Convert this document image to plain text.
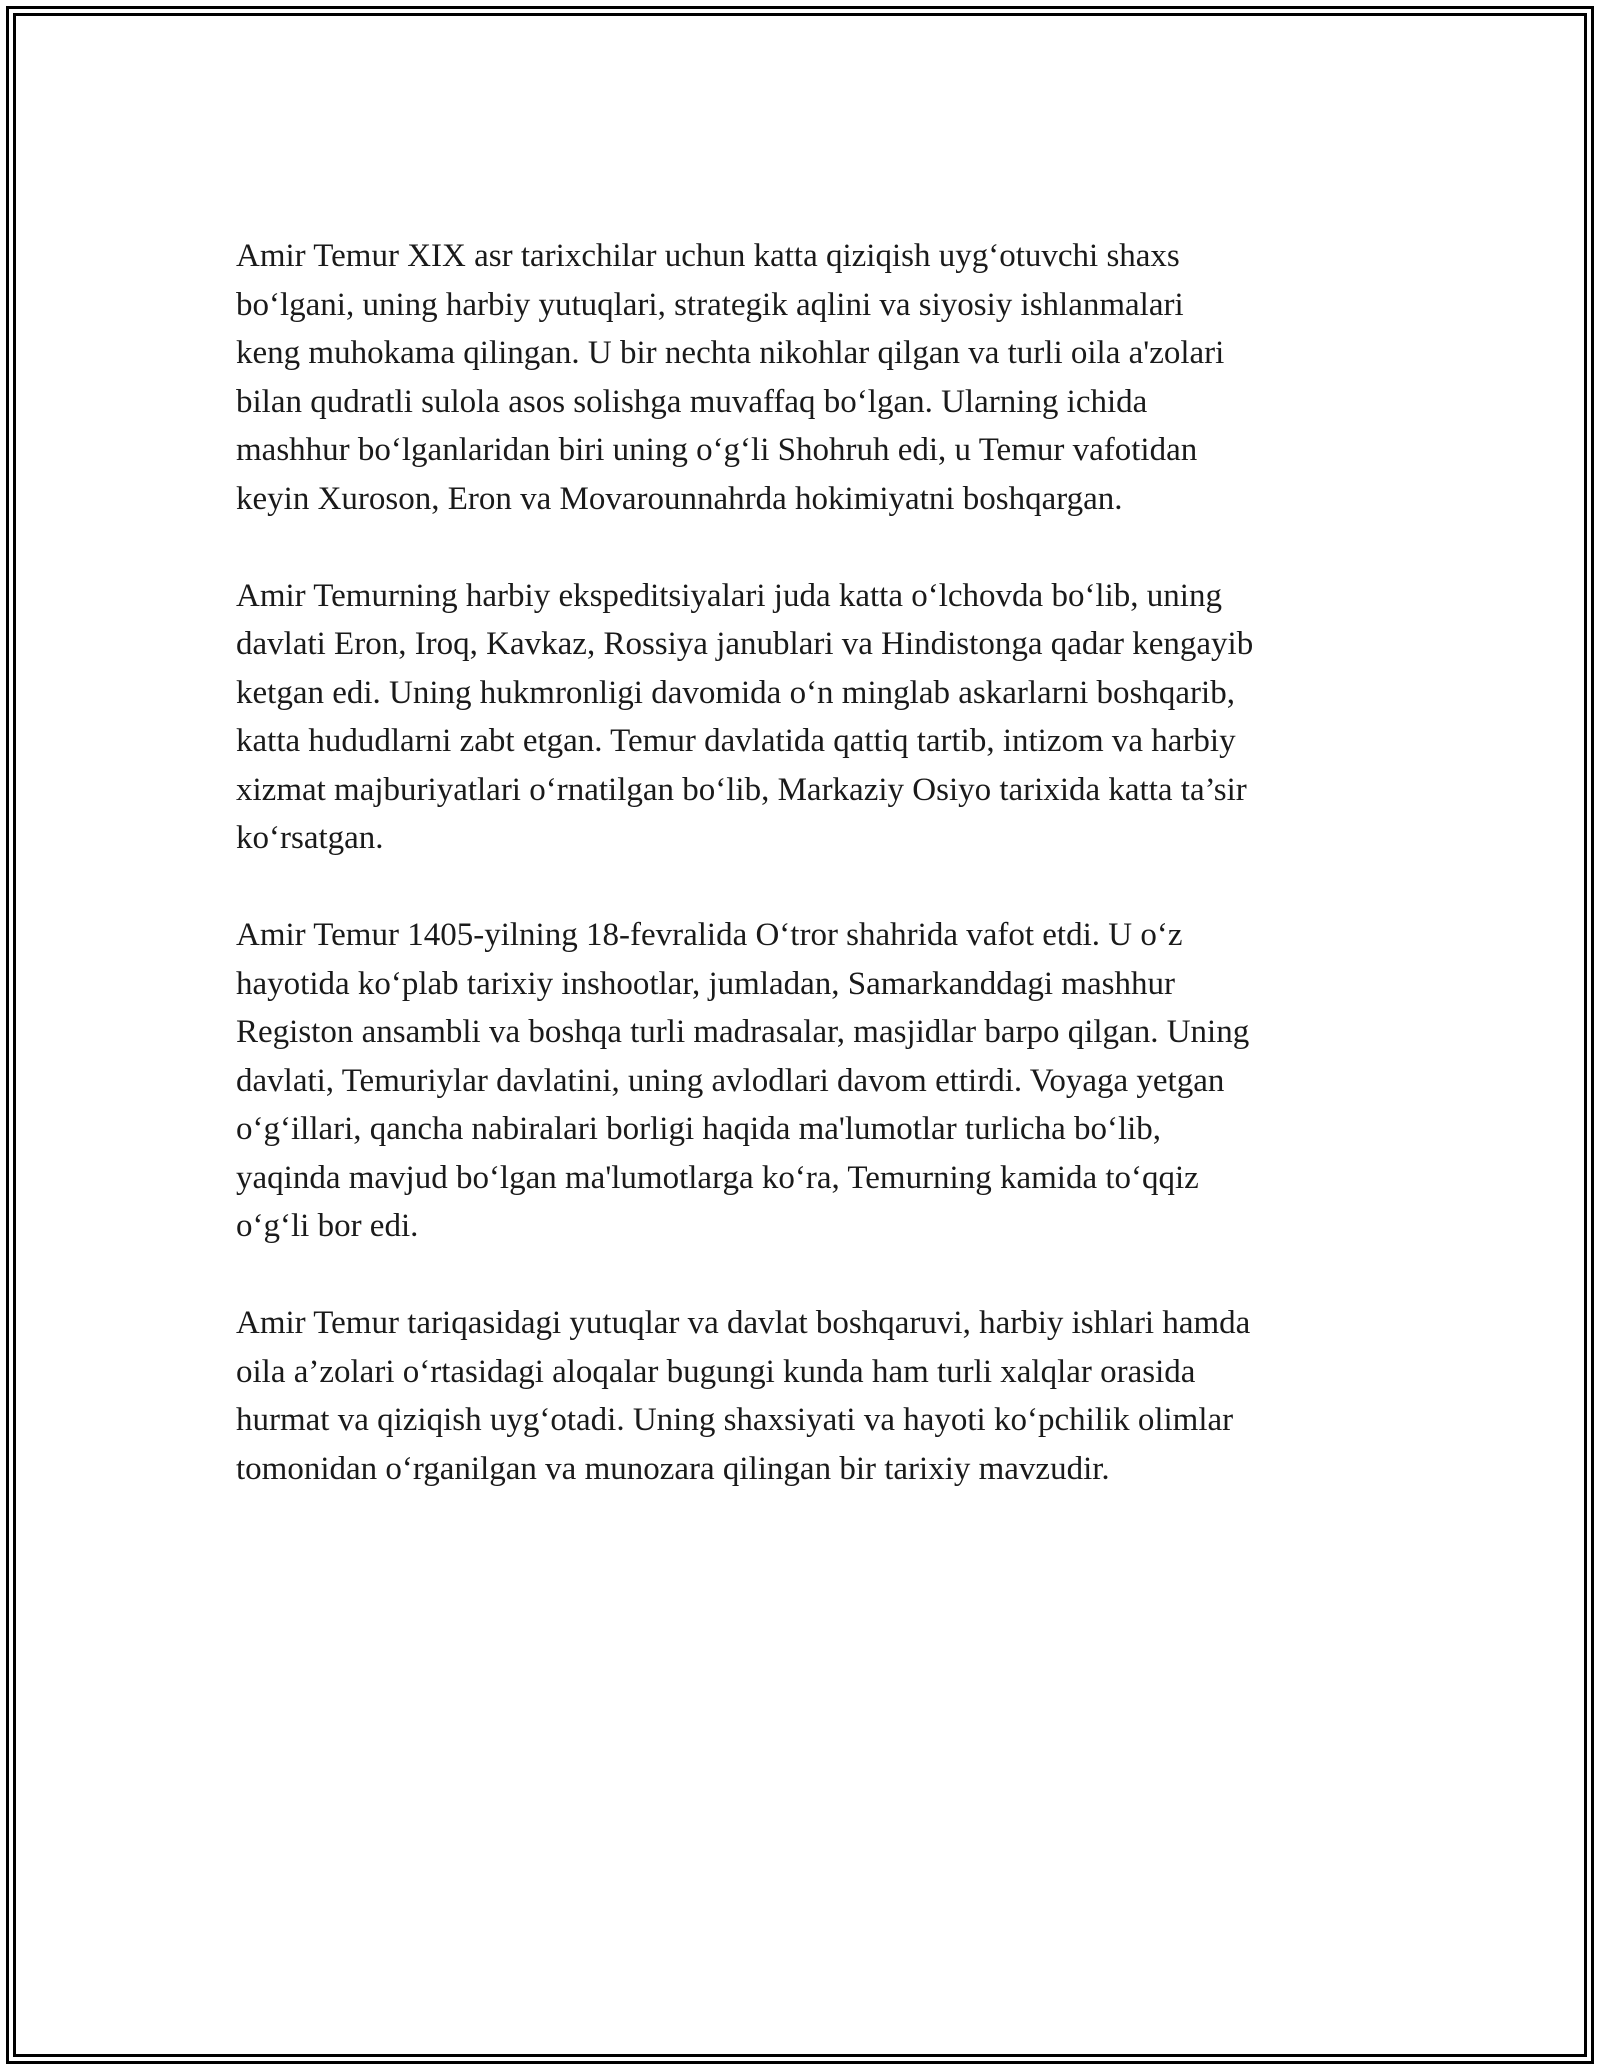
Amir Temur XIX asr tarixchilar uchun katta qiziqish uyg‘otuvchi shaxs
bo‘lgani, uning harbiy yutuqlari, strategik aqlini va siyosiy ishlanmalari
keng muhokama qilingan. U bir nechta nikohlar qilgan va turli oila a'zolari
bilan qudratli sulola asos solishga muvaffaq bo‘lgan. Ularning ichida
mashhur bo‘lganlaridan biri uning o‘g‘li Shohruh edi, u Temur vafotidan
keyin Xuroson, Eron va Movarounnahrda hokimiyatni boshqargan.

Amir Temurning harbiy ekspeditsiyalari juda katta o‘lchovda bo‘lib, uning
davlati Eron, Iroq, Kavkaz, Rossiya janublari va Hindistonga qadar kengayib
ketgan edi. Uning hukmronligi davomida o‘n minglab askarlarni boshqarib,
katta hududlarni zabt etgan. Temur davlatida qattiq tartib, intizom va harbiy
xizmat majburiyatlari o‘rnatilgan bo‘lib, Markaziy Osiyo tarixida katta ta’sir
ko‘rsatgan.

Amir Temur 1405-yilning 18-fevralida O‘tror shahrida vafot etdi. U o‘z
hayotida ko‘plab tarixiy inshootlar, jumladan, Samarkanddagi mashhur
Registon ansambli va boshqa turli madrasalar, masjidlar barpo qilgan. Uning
davlati, Temuriylar davlatini, uning avlodlari davom ettirdi. Voyaga yetgan
o‘g‘illari, qancha nabiralari borligi haqida ma'lumotlar turlicha bo‘lib,
yaqinda mavjud bo‘lgan ma'lumotlarga ko‘ra, Temurning kamida to‘qqiz
o‘g‘li bor edi.

Amir Temur tariqasidagi yutuqlar va davlat boshqaruvi, harbiy ishlari hamda
oila a’zolari o‘rtasidagi aloqalar bugungi kunda ham turli xalqlar orasida
hurmat va qiziqish uyg‘otadi. Uning shaxsiyati va hayoti ko‘pchilik olimlar
tomonidan o‘rganilgan va munozara qilingan bir tarixiy mavzudir.
